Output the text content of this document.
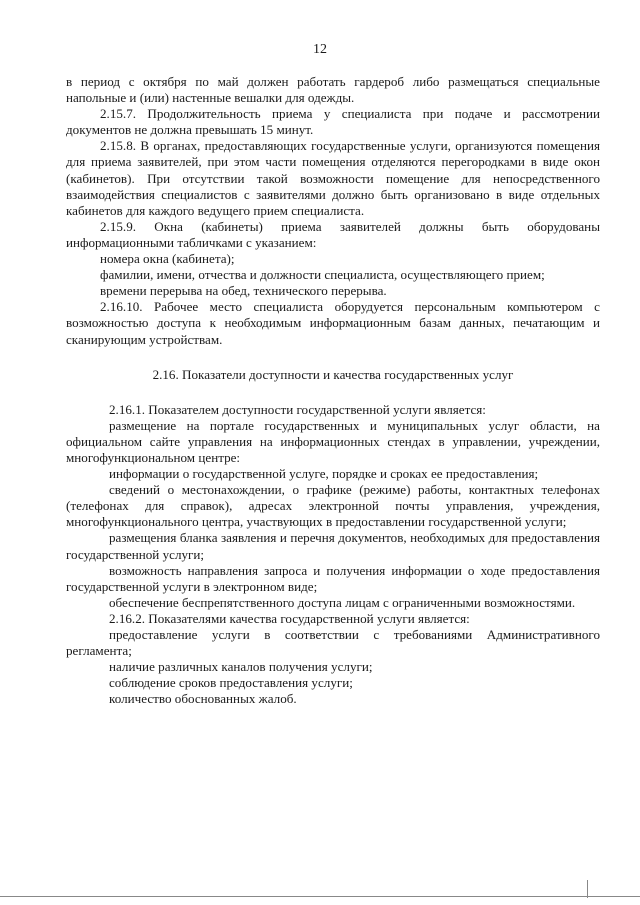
12

в период с октября по май должен работать гардероб либо размещаться специальные напольные и (или) настенные вешалки для одежды.

2.15.7. Продолжительность приема у специалиста при подаче и рассмотрении документов не должна превышать 15 минут.

2.15.8. В органах, предоставляющих государственные услуги, организуются помещения для приема заявителей, при этом части помещения отделяются перегородками в виде окон (кабинетов). При отсутствии такой возможности помещение для непосредственного взаимодействия специалистов с заявителями должно быть организовано в виде отдельных кабинетов для каждого ведущего прием специалиста.

2.15.9. Окна (кабинеты) приема заявителей должны быть оборудованы информационными табличками с указанием:

номера окна (кабинета);

фамилии, имени, отчества и должности специалиста, осуществляющего прием;

времени перерыва на обед, технического перерыва.

2.16.10. Рабочее место специалиста оборудуется персональным компьютером с возможностью доступа к необходимым информационным базам данных, печатающим и сканирующим устройствам.

2.16. Показатели доступности и качества государственных услуг

2.16.1. Показателем доступности государственной услуги является:

размещение на портале государственных и муниципальных услуг области, на официальном сайте управления на информационных стендах в управлении, учреждении, многофункциональном центре:

информации о государственной услуге, порядке и сроках ее предоставления;

сведений о местонахождении, о графике (режиме) работы, контактных телефонах (телефонах для справок), адресах электронной почты управления, учреждения, многофункционального центра, участвующих в предоставлении государственной услуги;

размещения бланка заявления и перечня документов, необходимых для предоставления государственной услуги;

возможность направления запроса и получения информации о ходе предоставления государственной услуги в электронном виде;

обеспечение беспрепятственного доступа лицам с ограниченными возможностями.

2.16.2. Показателями качества государственной услуги является:

предоставление услуги в соответствии с требованиями Административного регламента;

наличие различных каналов получения услуги;

соблюдение сроков предоставления услуги;

количество обоснованных жалоб.
